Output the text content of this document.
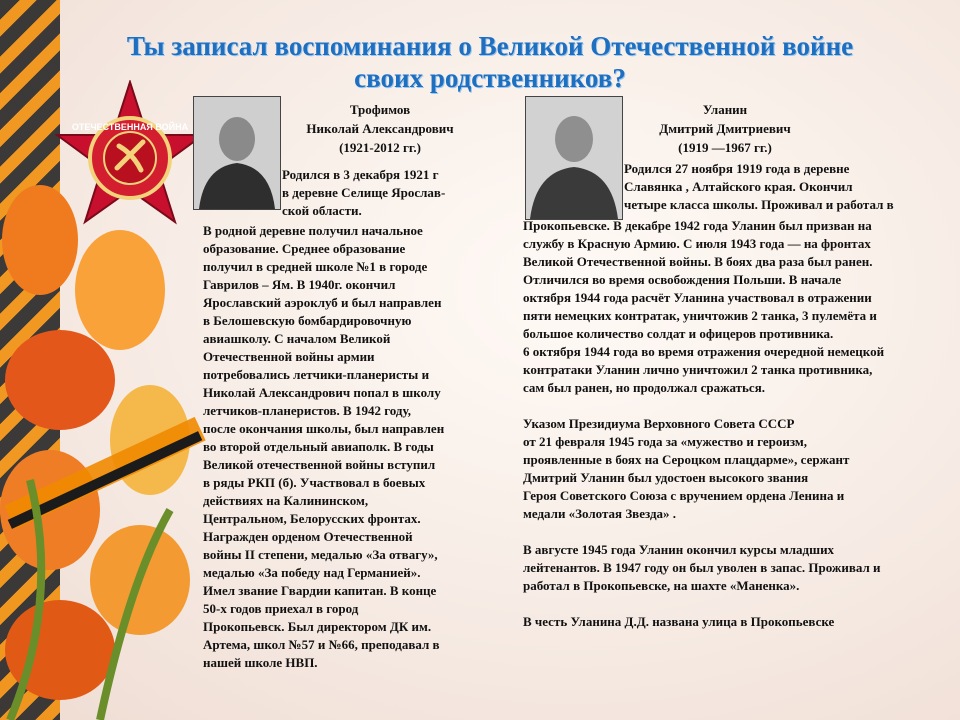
ОТЕЧЕСТВЕННАЯ ВОЙНА
Ты записал воспоминания о Великой Отечественной войне
своих родственников?
Трофимов
Николай Александрович
(1921-2012 гг.)

Родился в 3 декабря 1921 г

в деревне Селище Ярослав-

ской области.

В родной деревне получил начальное

образование. Среднее образование

получил в средней школе №1 в городе

Гаврилов – Ям. В 1940г. окончил

Ярославский аэроклуб и был направлен

в Белошевскую бомбардировочную

авиашколу. С началом Великой

Отечественной войны армии

потребовались летчики-планеристы и

Николай Александрович попал в школу

летчиков-планеристов. В 1942 году,

после окончания школы, был направлен

во второй отдельный авиаполк. В годы

Великой отечественной войны вступил

в ряды РКП (б). Участвовал в боевых

действиях на Калининском,

Центральном, Белорусских фронтах.

Награжден орденом Отечественной

войны II степени, медалью «За отвагу»,

медалью «За победу над Германией».

Имел звание Гвардии капитан. В конце

50-х годов приехал в город

Прокопьевск. Был директором ДК им.

Артема, школ №57 и №66, преподавал в

нашей школе НВП.

Уланин
Дмитрий Дмитриевич
(1919 —1967 гг.)

Родился 27 ноября 1919 года в деревне

Славянка , Алтайского края. Окончил

четыре класса школы. Проживал и работал в

Прокопьевске. В декабре 1942 года Уланин был призван на

службу в Красную Армию. С июля 1943 года — на фронтах

Великой Отечественной войны. В боях два раза был ранен.

Отличился во время освобождения Польши. В начале

октября 1944 года расчёт Уланина участвовал в отражении

пяти немецких контратак, уничтожив 2 танка, 3 пулемёта и

большое количество солдат и офицеров противника.

6 октября 1944 года во время отражения очередной немецкой

контратаки Уланин лично уничтожил 2 танка противника,

сам был ранен, но продолжал сражаться.

Указом Президиума Верховного Совета СССР

от 21 февраля 1945 года за «мужество и героизм,

проявленные в боях на Сероцком плацдарме», сержант

Дмитрий Уланин был удостоен высокого звания

Героя Советского Союза с вручением ордена Ленина и

медали «Золотая Звезда» .

В августе 1945 года Уланин окончил курсы младших

лейтенантов. В 1947 году он был уволен в запас. Проживал и

работал в Прокопьевске, на шахте «Маненка».

В честь Уланина Д.Д. названа улица в Прокопьевске
